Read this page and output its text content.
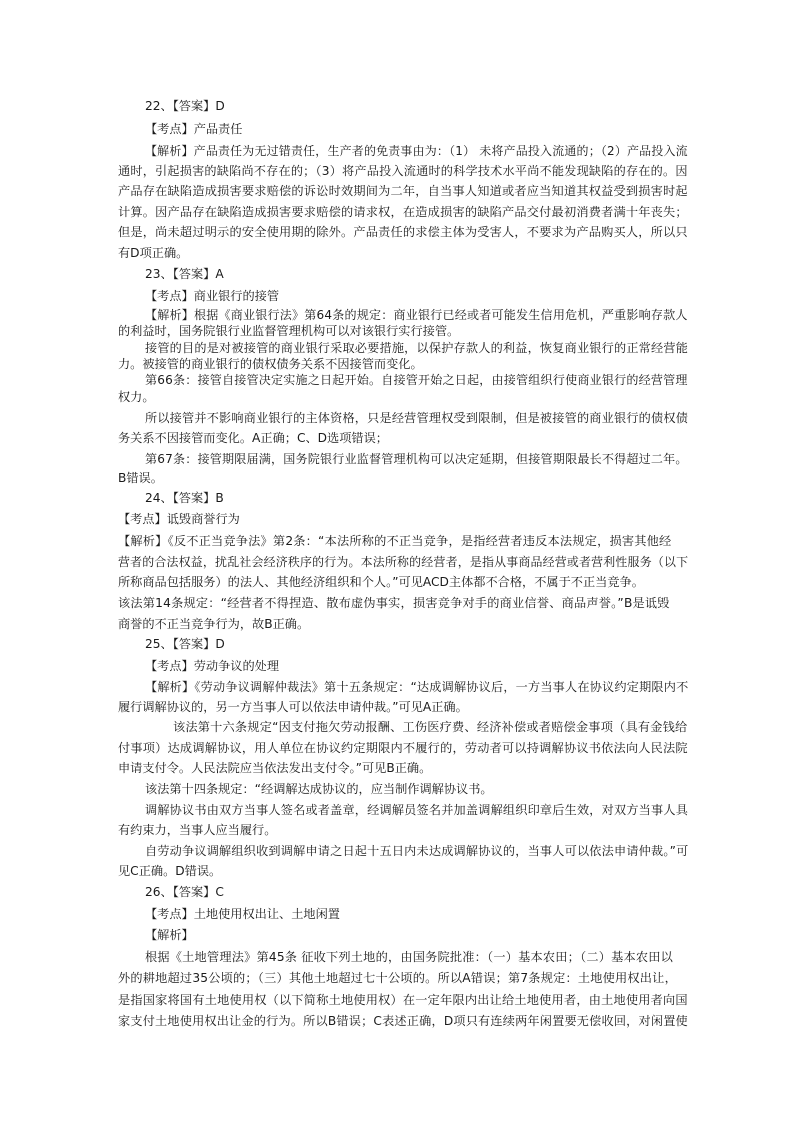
22、【答案】D
【考点】产品责任
【解析】产品责任为无过错责任，生产者的免责事由为：（1） 未将产品投入流通的；（2）产品投入流
通时，引起损害的缺陷尚不存在的；（3）将产品投入流通时的科学技术水平尚不能发现缺陷的存在的。因
产品存在缺陷造成损害要求赔偿的诉讼时效期间为二年，自当事人知道或者应当知道其权益受到损害时起
计算。因产品存在缺陷造成损害要求赔偿的请求权，在造成损害的缺陷产品交付最初消费者满十年丧失；
但是，尚未超过明示的安全使用期的除外。产品责任的求偿主体为受害人，不要求为产品购买人，所以只
有D项正确。
23、【答案】A
【考点】商业银行的接管
【解析】根据《商业银行法》第64条的规定：商业银行已经或者可能发生信用危机，严重影响存款人
的利益时，国务院银行业监督管理机构可以对该银行实行接管。
接管的目的是对被接管的商业银行采取必要措施，以保护存款人的利益，恢复商业银行的正常经营能
力。被接管的商业银行的债权债务关系不因接管而变化。
第66条：接管自接管决定实施之日起开始。自接管开始之日起，由接管组织行使商业银行的经营管理
权力。
所以接管并不影响商业银行的主体资格，只是经营管理权受到限制，但是被接管的商业银行的债权债
务关系不因接管而变化。A正确；C、D选项错误；
第67条：接管期限届满，国务院银行业监督管理机构可以决定延期，但接管期限最长不得超过二年。
B错误。
24、【答案】B
【考点】诋毁商誉行为
【解析】《反不正当竞争法》第2条：“本法所称的不正当竞争，是指经营者违反本法规定，损害其他经
营者的合法权益，扰乱社会经济秩序的行为。本法所称的经营者，是指从事商品经营或者营利性服务（以下
所称商品包括服务）的法人、其他经济组织和个人。”可见ACD主体都不合格，不属于不正当竞争。
该法第14条规定：“经营者不得捏造、散布虚伪事实，损害竞争对手的商业信誉、商品声誉。”B是诋毁
商誉的不正当竞争行为，故B正确。
25、【答案】D
【考点】劳动争议的处理
【解析】《劳动争议调解仲裁法》第十五条规定：“达成调解协议后，一方当事人在协议约定期限内不
履行调解协议的，另一方当事人可以依法申请仲裁。”可见A正确。
该法第十六条规定“因支付拖欠劳动报酬、工伤医疗费、经济补偿或者赔偿金事项（具有金钱给
付事项）达成调解协议，用人单位在协议约定期限内不履行的，劳动者可以持调解协议书依法向人民法院
申请支付令。人民法院应当依法发出支付令。”可见B正确。
该法第十四条规定：“经调解达成协议的，应当制作调解协议书。
调解协议书由双方当事人签名或者盖章，经调解员签名并加盖调解组织印章后生效，对双方当事人具
有约束力，当事人应当履行。
自劳动争议调解组织收到调解申请之日起十五日内未达成调解协议的，当事人可以依法申请仲裁。”可
见C正确。D错误。
26、【答案】C
【考点】土地使用权出让、土地闲置
【解析】
根据《土地管理法》第45条 征收下列土地的，由国务院批准：（一）基本农田；（二）基本农田以
外的耕地超过35公顷的；（三）其他土地超过七十公顷的。所以A错误；第7条规定：土地使用权出让，
是指国家将国有土地使用权（以下简称土地使用权）在一定年限内出让给土地使用者，由土地使用者向国
家支付土地使用权出让金的行为。所以B错误；C表述正确，D项只有连续两年闲置要无偿收回，对闲置使
